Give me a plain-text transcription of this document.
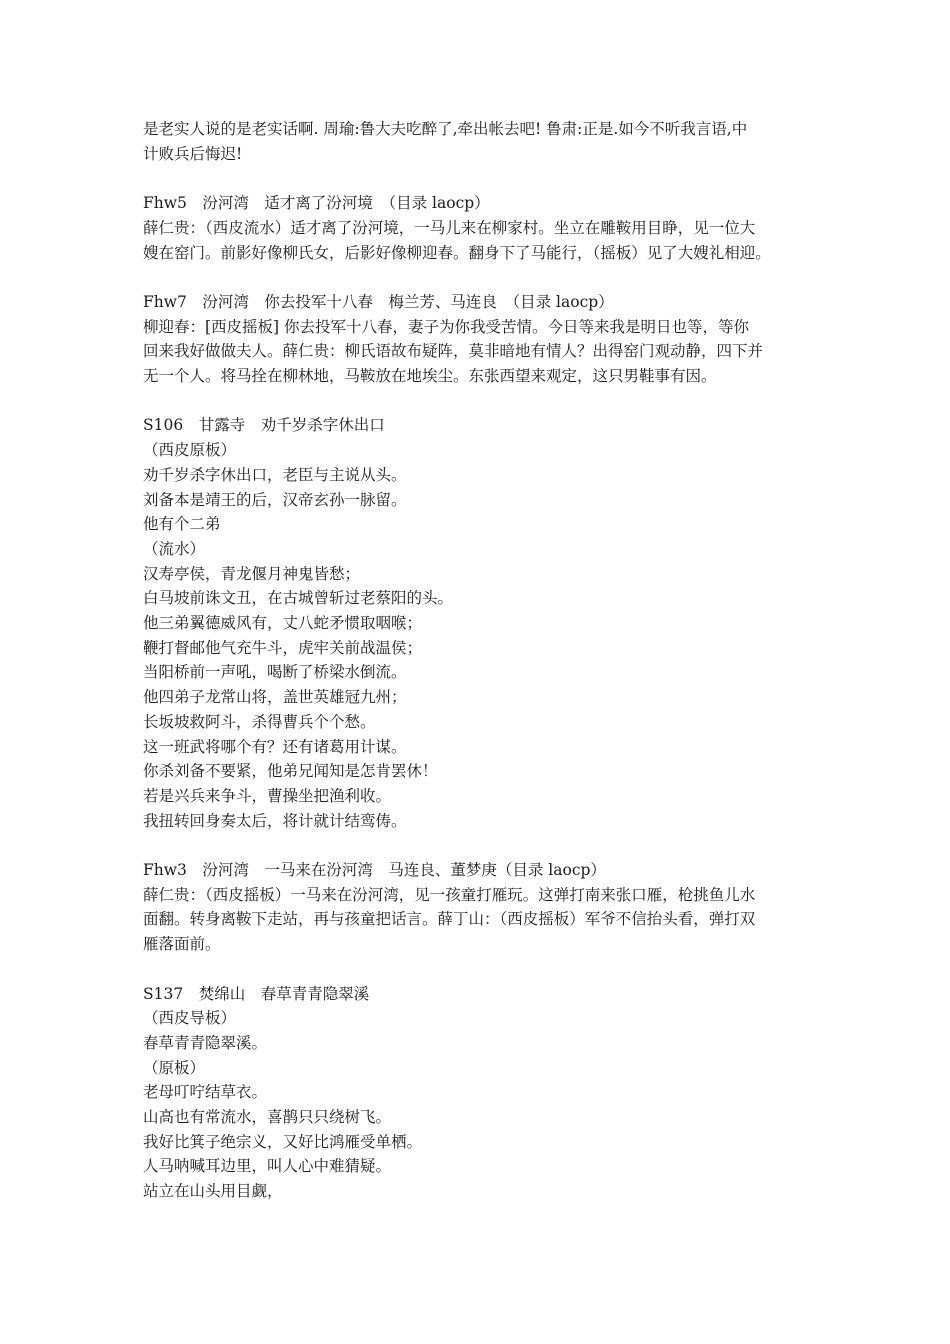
是老实人说的是老实话啊. 周瑜:鲁大夫吃醉了,牵出帐去吧! 鲁肃:正是.如今不听我言语,中
计败兵后悔迟!
Fhw5　汾河湾　适才离了汾河境　（目录 laocp）
薛仁贵：（西皮流水）适才离了汾河境，一马儿来在柳家村。坐立在雕鞍用目睁，见一位大
嫂在窑门。前影好像柳氏女，后影好像柳迎春。翻身下了马能行，（摇板）见了大嫂礼相迎。
Fhw7　汾河湾　你去投军十八春　梅兰芳、马连良　（目录 laocp）
柳迎春：[西皮摇板] 你去投军十八春，妻子为你我受苦情。今日等来我是明日也等，等你
回来我好做做夫人。薛仁贵：柳氏语故布疑阵，莫非暗地有情人？出得窑门观动静，四下并
无一个人。将马拴在柳林地，马鞍放在地埃尘。东张西望来观定，这只男鞋事有因。
S106　甘露寺　劝千岁杀字休出口
（西皮原板）
劝千岁杀字休出口，老臣与主说从头。
刘备本是靖王的后，汉帝玄孙一脉留。
他有个二弟
（流水）
汉寿亭侯，青龙偃月神鬼皆愁；
白马坡前诛文丑，在古城曾斩过老蔡阳的头。
他三弟翼德威风有，丈八蛇矛惯取咽喉；
鞭打督邮他气充牛斗，虎牢关前战温侯；
当阳桥前一声吼，喝断了桥梁水倒流。
他四弟子龙常山将，盖世英雄冠九州；
长坂坡救阿斗，杀得曹兵个个愁。
这一班武将哪个有？还有诸葛用计谋。
你杀刘备不要紧，他弟兄闻知是怎肯罢休！
若是兴兵来争斗，曹操坐把渔利收。
我扭转回身奏太后，将计就计结鸾俦。
Fhw3　汾河湾　一马来在汾河湾　马连良、董梦庚（目录 laocp）
薛仁贵：（西皮摇板）一马来在汾河湾，见一孩童打雁玩。这弹打南来张口雁，枪挑鱼儿水
面翻。转身离鞍下走站，再与孩童把话言。薛丁山：（西皮摇板）军爷不信抬头看，弹打双
雁落面前。
S137　焚绵山　春草青青隐翠溪
（西皮导板）
春草青青隐翠溪。
（原板）
老母叮咛结草衣。
山高也有常流水，喜鹊只只绕树飞。
我好比箕子绝宗义，又好比鸿雁受单栖。
人马呐喊耳边里，叫人心中难猜疑。
站立在山头用目觑，
